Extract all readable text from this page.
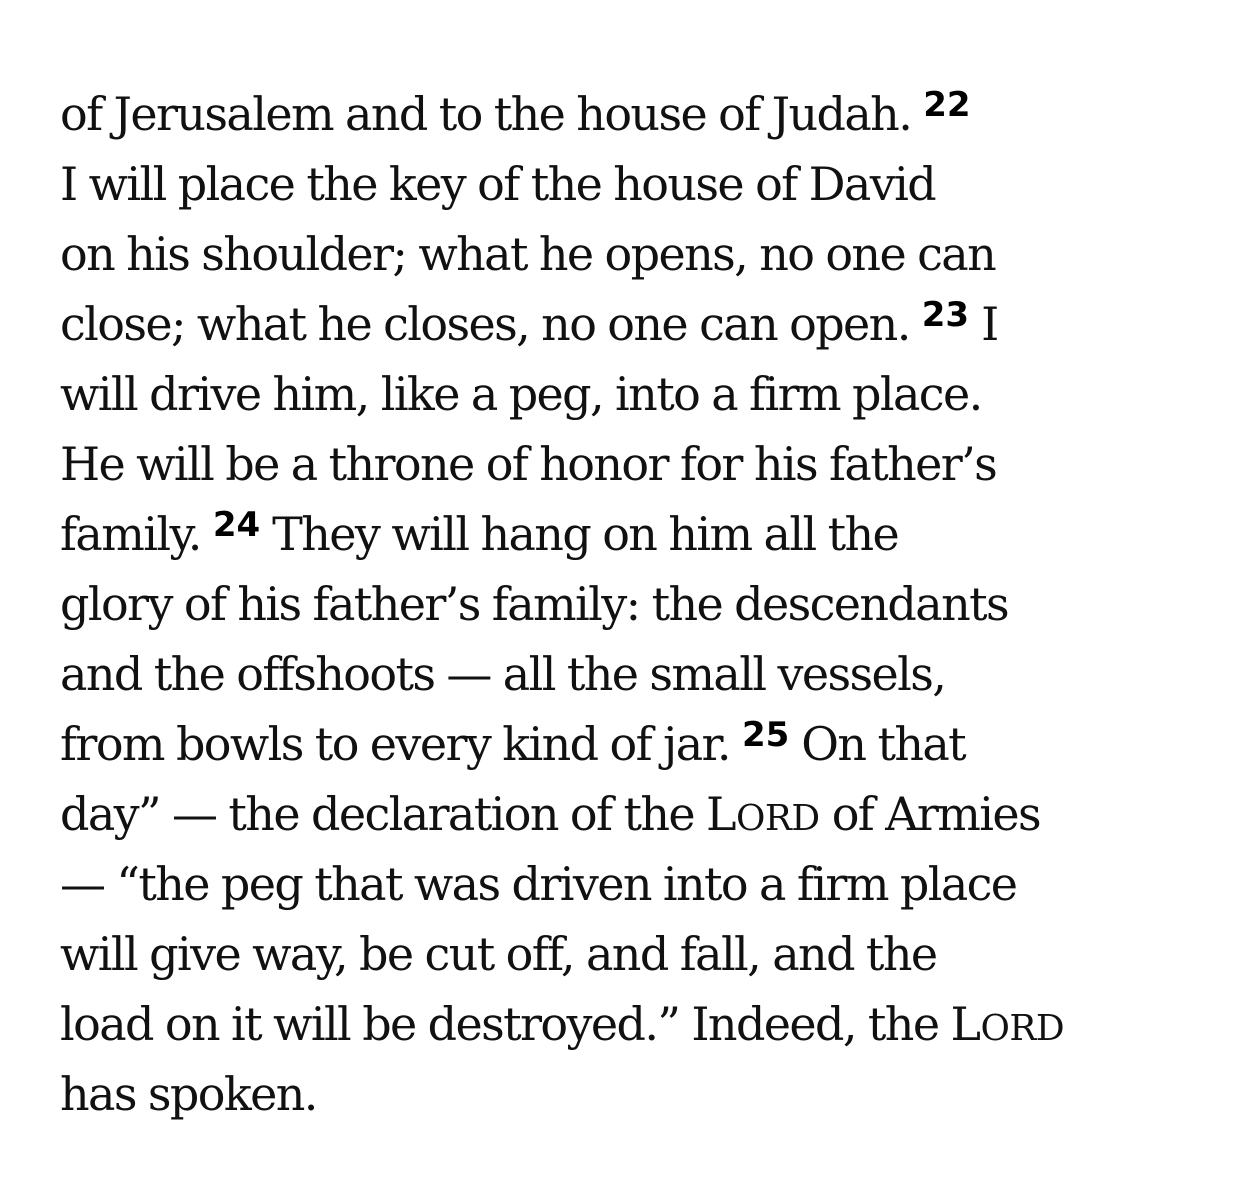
of Jerusalem and to the house of Judah. $^{22}$
I will place the key of the house of David
on his shoulder; what he opens, no one can
close; what he closes, no one can open. $^{23}$ I
will drive him, like a peg, into a firm place.
He will be a throne of honor for his father’s
family. $^{24}$ They will hang on him all the
glory of his father’s family: the descendants
and the offshoots — all the small vessels,
from bowls to every kind of jar. $^{25}$ On that
day” — the declaration of the LORD of Armies
— “the peg that was driven into a firm place
will give way, be cut off, and fall, and the
load on it will be destroyed.” Indeed, the LORD
has spoken.
